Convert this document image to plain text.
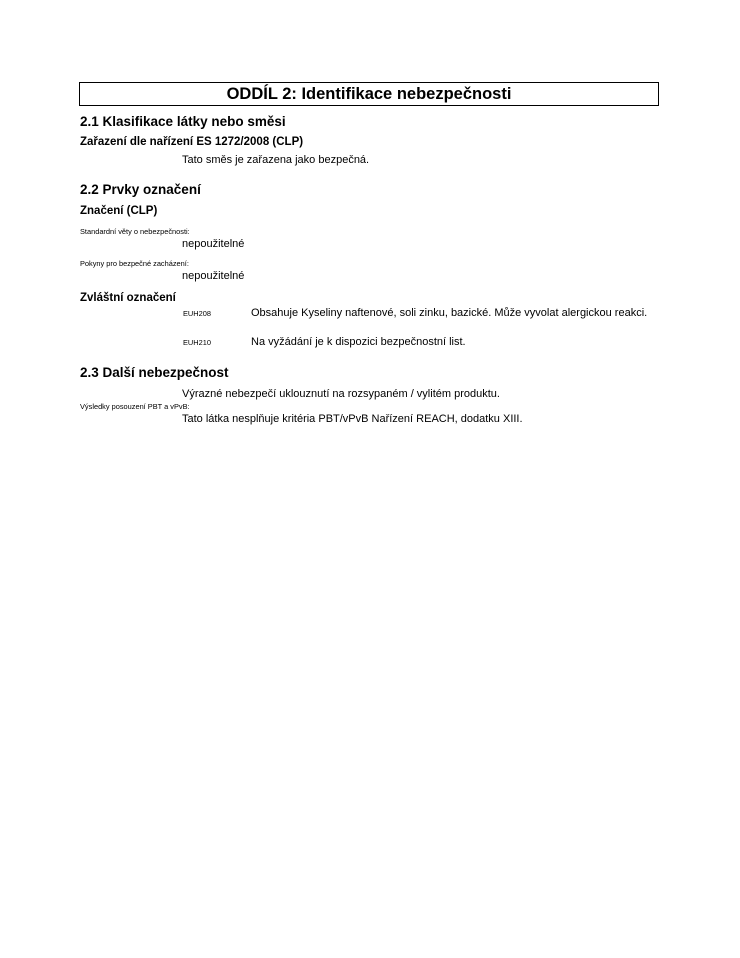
ODDÍL 2: Identifikace nebezpečnosti
2.1 Klasifikace látky nebo směsi
Zařazení dle nařízení ES 1272/2008 (CLP)
Tato směs je zařazena jako bezpečná.
2.2 Prvky označení
Značení (CLP)
Standardní věty o nebezpečnosti:
nepoužitelné
Pokyny pro bezpečné zacházení:
nepoužitelné
Zvláštní označení
EUH208	Obsahuje Kyseliny naftenové, soli zinku, bazické. Může vyvolat alergickou reakci.
EUH210	Na vyžádání je k dispozici bezpečnostní list.
2.3 Další nebezpečnost
Výrazné nebezpečí uklouznutí na rozsypaném / vylitém produktu.
Výsledky posouzení PBT a vPvB:
Tato látka nesplňuje kritéria PBT/vPvB Nařízení REACH, dodatku XIII.
